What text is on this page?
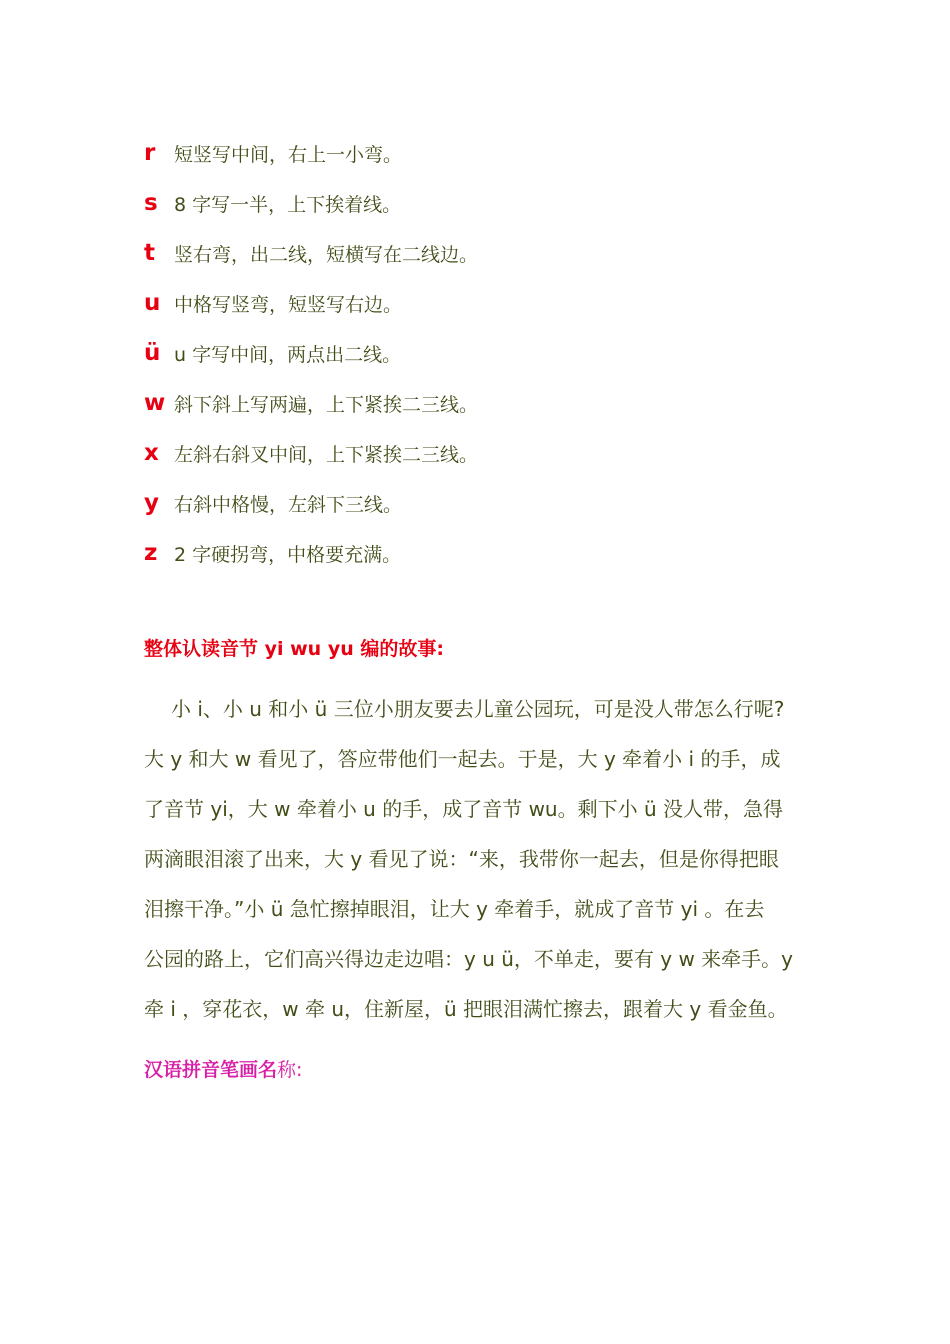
r 短竖写中间，右上一小弯。
s 8 字写一半，上下挨着线。
t	竖右弯，出二线，短横写在二线边。
u 中格写竖弯，短竖写右边。
ü u 字写中间，两点出二线。
w 斜下斜上写两遍，上下紧挨二三线。
x 左斜右斜叉中间，上下紧挨二三线。
y 右斜中格慢，左斜下三线。
z 2 字硬拐弯，中格要充满。
整体认读音节 yi wu yu 编的故事:
小 i、小 u 和小 ü 三位小朋友要去儿童公园玩，可是没人带怎么行呢?
大 y 和大 w 看见了，答应带他们一起去。于是，大 y 牵着小 i 的手，成
了音节 yi，大 w 牵着小 u 的手，成了音节 wu。剩下小 ü 没人带，急得
两滴眼泪滚了出来，大 y 看见了说：“来，我带你一起去，但是你得把眼
泪擦干净。”小 ü 急忙擦掉眼泪，让大 y 牵着手，就成了音节 yi 。在去
公园的路上，它们高兴得边走边唱：y u ü，不单走，要有 y w 来牵手。y
牵 i ，穿花衣，w 牵 u，住新屋，ü 把眼泪满忙擦去，跟着大 y 看金鱼。
汉语拼音笔画名称:
